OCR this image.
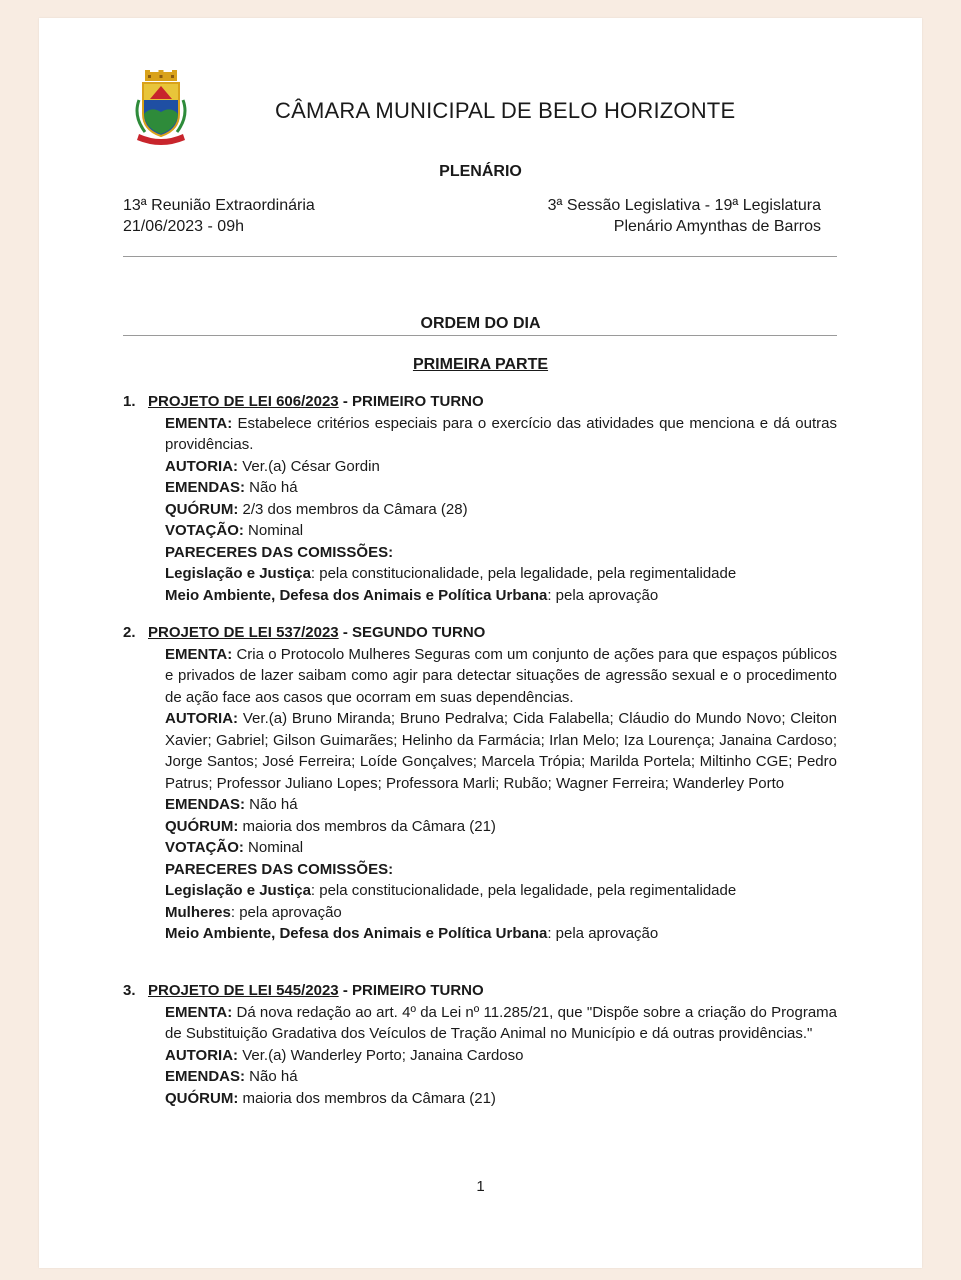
CÂMARA MUNICIPAL DE BELO HORIZONTE
PLENÁRIO
13ª Reunião Extraordinária
21/06/2023 - 09h
3ª Sessão Legislativa - 19ª Legislatura
Plenário Amynthas de Barros
ORDEM DO DIA
PRIMEIRA PARTE
1. PROJETO DE LEI 606/2023 - PRIMEIRO TURNO

EMENTA: Estabelece critérios especiais para o exercício das atividades que menciona e dá outras providências.

AUTORIA: Ver.(a) César Gordin

EMENDAS: Não há

QUÓRUM: 2/3 dos membros da Câmara (28)

VOTAÇÃO: Nominal

PARECERES DAS COMISSÕES:

Legislação e Justiça: pela constitucionalidade, pela legalidade, pela regimentalidade

Meio Ambiente, Defesa dos Animais e Política Urbana: pela aprovação

2. PROJETO DE LEI 537/2023 - SEGUNDO TURNO

EMENTA: Cria o Protocolo Mulheres Seguras com um conjunto de ações para que espaços públicos e privados de lazer saibam como agir para detectar situações de agressão sexual e o procedimento de ação face aos casos que ocorram em suas dependências.

AUTORIA: Ver.(a) Bruno Miranda; Bruno Pedralva; Cida Falabella; Cláudio do Mundo Novo; Cleiton Xavier; Gabriel; Gilson Guimarães; Helinho da Farmácia; Irlan Melo; Iza Lourença; Janaina Cardoso; Jorge Santos; José Ferreira; Loíde Gonçalves; Marcela Trópia; Marilda Portela; Miltinho CGE; Pedro Patrus; Professor Juliano Lopes; Professora Marli; Rubão; Wagner Ferreira; Wanderley Porto

EMENDAS: Não há

QUÓRUM: maioria dos membros da Câmara (21)

VOTAÇÃO: Nominal

PARECERES DAS COMISSÕES:

Legislação e Justiça: pela constitucionalidade, pela legalidade, pela regimentalidade

Mulheres: pela aprovação

Meio Ambiente, Defesa dos Animais e Política Urbana: pela aprovação

3. PROJETO DE LEI 545/2023 - PRIMEIRO TURNO

EMENTA: Dá nova redação ao art. 4º da Lei nº 11.285/21, que "Dispõe sobre a criação do Programa de Substituição Gradativa dos Veículos de Tração Animal no Município e dá outras providências."

AUTORIA: Ver.(a) Wanderley Porto; Janaina Cardoso

EMENDAS: Não há

QUÓRUM: maioria dos membros da Câmara (21)

1
